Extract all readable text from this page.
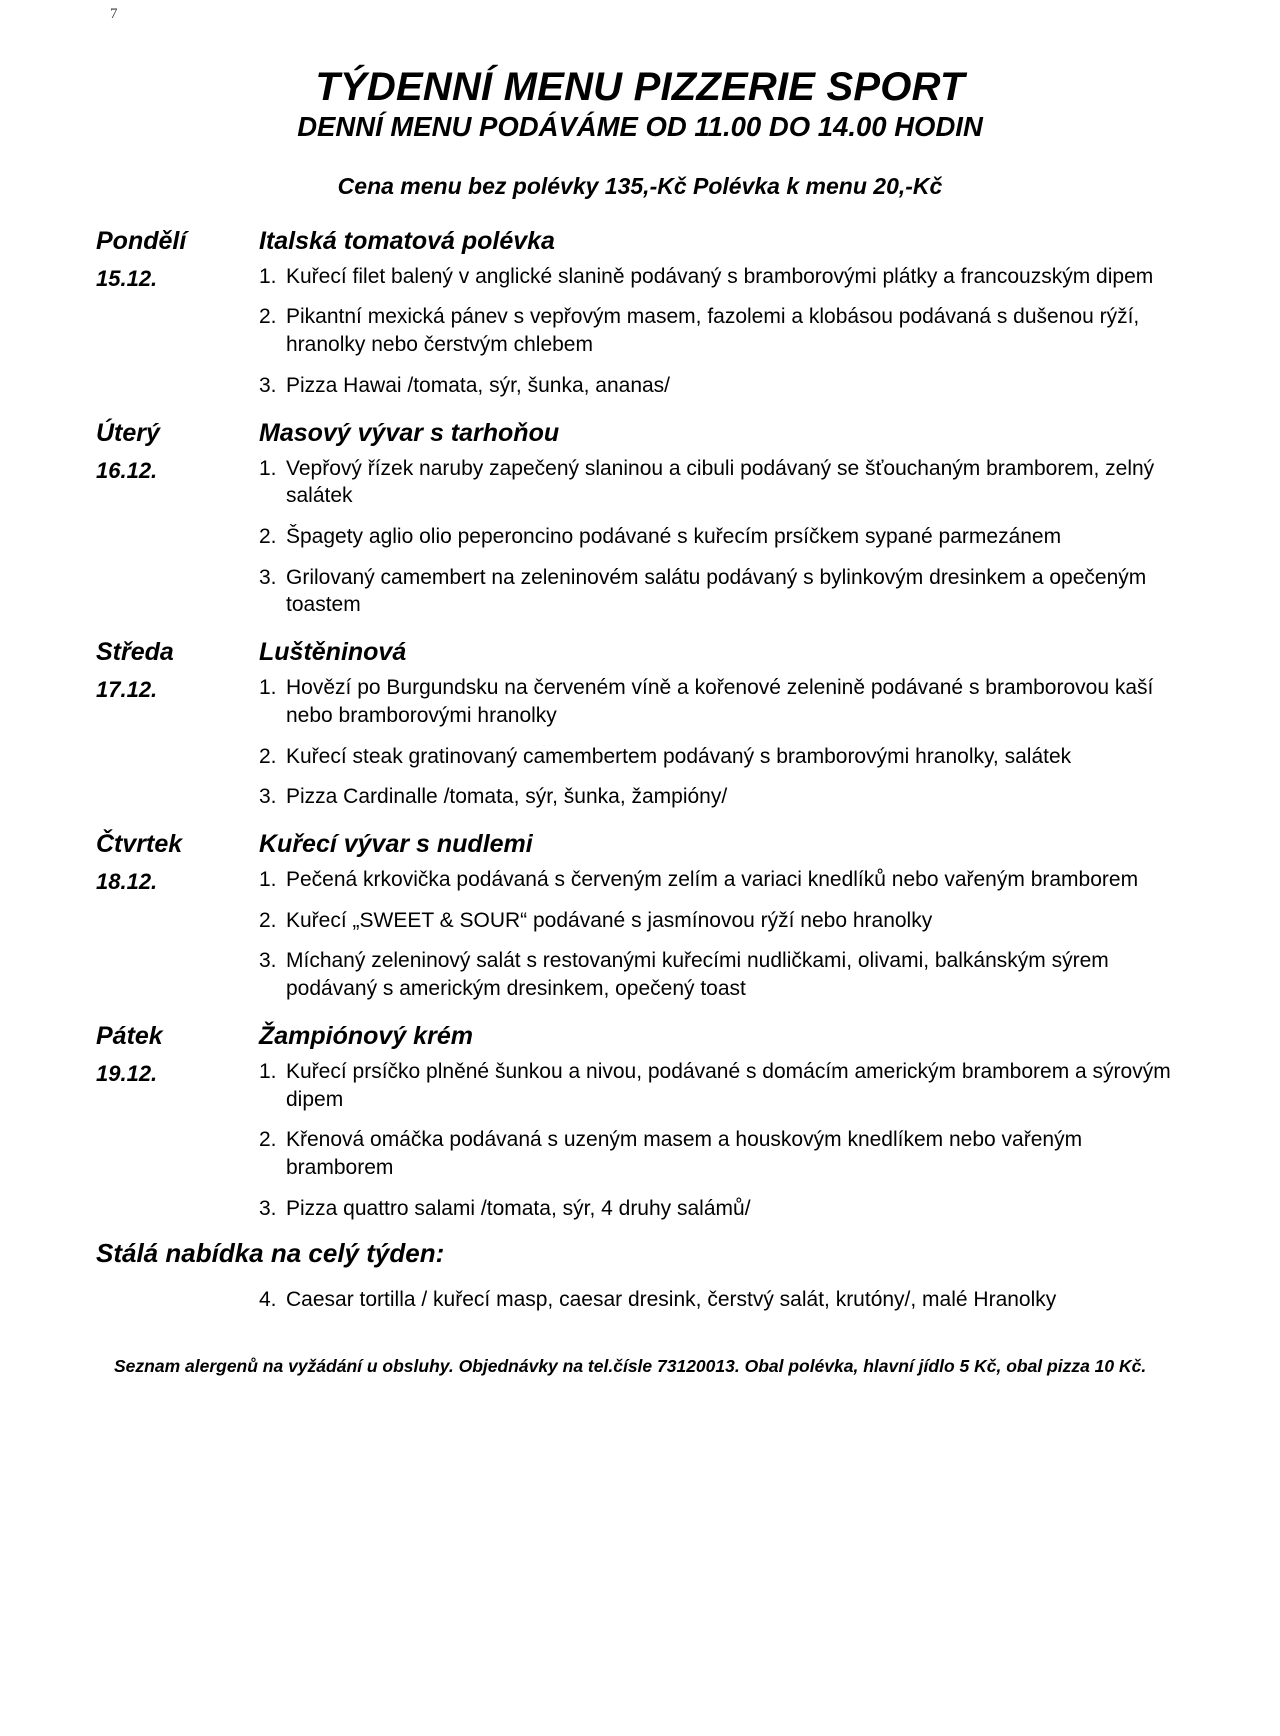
7
TÝDENNÍ MENU PIZZERIE SPORT
DENNÍ MENU PODÁVÁME OD 11.00 DO 14.00 HODIN
Cena menu bez polévky 135,-Kč Polévka k menu 20,-Kč
Pondělí	Italská tomatová polévka
15.12.	1. Kuřecí filet balený v anglické slanině podávaný s bramborovými plátky a francouzským dipem
2. Pikantní mexická pánev s vepřovým masem, fazolemi a klobásou podávaná s dušenou rýží, hranolky nebo čerstvým chlebem
3. Pizza Hawai /tomata, sýr, šunka, ananas/
Úterý	Masový vývar s tarhoňou
16.12.	1. Vepřový řízek naruby zapečený slaninou a cibuli podávaný se šťouchaným bramborem, zelný salátek
2. Špagety aglio olio peperoncino podávané s kuřecím prsíčkem sypané parmezánem
3. Grilovaný camembert na zeleninovém salátu podávaný s bylinkovým dresinkem a opečeným toastem
Středa	Luštěninová
17.12.	1. Hovězí po Burgundsku na červeném víně a kořenové zelenině podávané s bramborovou kaší nebo bramborovými hranolky
2. Kuřecí steak gratinovaný camembertem podávaný s bramborovými hranolky, salátek
3. Pizza Cardinalle /tomata, sýr, šunka, žampióny/
Čtvrtek	Kuřecí vývar s nudlemi
18.12.	1. Pečená krkovička podávaná s červeným zelím a variaci knedlíků nebo vařeným bramborem
2. Kuřecí „SWEET & SOUR“ podávané s jasmínovou rýží nebo hranolky
3. Míchaný zeleninový salát s restovanými kuřecími nudličkami, olivami, balkánským sýrem podávaný s americkým dresinkem, opečený toast
Pátek	Žampiónový krém
19.12.	1. Kuřecí prsíčko plněné šunkou a nivou, podávané s domácím americkým bramborem a sýrovým dipem
2. Křenová omáčka podávaná s uzeným masem a houskovým knedlíkem nebo vařeným bramborem
3. Pizza quattro salami /tomata, sýr, 4 druhy salámů/
Stálá nabídka na celý týden:
4. Caesar tortilla / kuřecí masp, caesar dresink, čerstvý salát, krutóny/, malé Hranolky
Seznam alergenů na vyžádání u obsluhy. Objednávky na tel.čísle 73120013. Obal polévka, hlavní jídlo 5 Kč, obal pizza 10 Kč.
